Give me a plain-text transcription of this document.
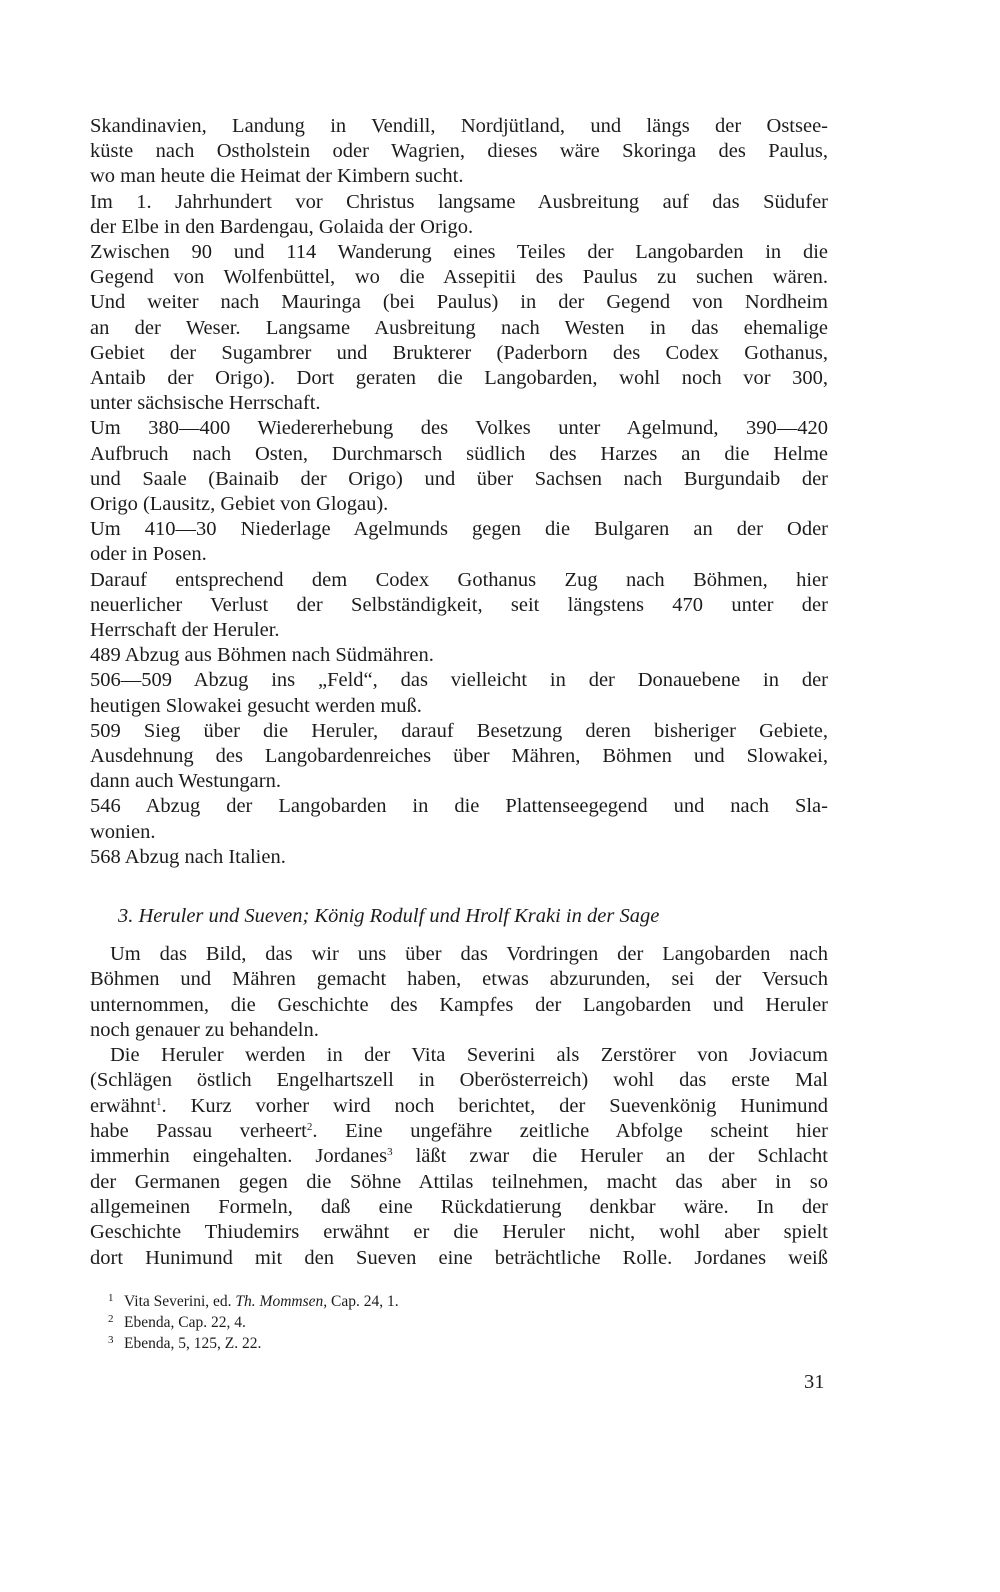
Skandinavien, Landung in Vendill, Nordjütland, und längs der Ostsee-
küste nach Ostholstein oder Wagrien, dieses wäre Skoringa des Paulus,
wo man heute die Heimat der Kimbern sucht.
Im 1. Jahrhundert vor Christus langsame Ausbreitung auf das Südufer
der Elbe in den Bardengau, Golaida der Origo.
Zwischen 90 und 114 Wanderung eines Teiles der Langobarden in die
Gegend von Wolfenbüttel, wo die Assepitii des Paulus zu suchen wären.
Und weiter nach Mauringa (bei Paulus) in der Gegend von Nordheim
an der Weser. Langsame Ausbreitung nach Westen in das ehemalige
Gebiet der Sugambrer und Brukterer (Paderborn des Codex Gothanus,
Antaib der Origo). Dort geraten die Langobarden, wohl noch vor 300,
unter sächsische Herrschaft.
Um 380—400 Wiedererhebung des Volkes unter Agelmund, 390—420
Aufbruch nach Osten, Durchmarsch südlich des Harzes an die Helme
und Saale (Bainaib der Origo) und über Sachsen nach Burgundaib der
Origo (Lausitz, Gebiet von Glogau).
Um 410—30 Niederlage Agelmunds gegen die Bulgaren an der Oder
oder in Posen.
Darauf entsprechend dem Codex Gothanus Zug nach Böhmen, hier
neuerlicher Verlust der Selbständigkeit, seit längstens 470 unter der
Herrschaft der Heruler.
489 Abzug aus Böhmen nach Südmähren.
506—509 Abzug ins „Feld“, das vielleicht in der Donauebene in der
heutigen Slowakei gesucht werden muß.
509 Sieg über die Heruler, darauf Besetzung deren bisheriger Gebiete,
Ausdehnung des Langobardenreiches über Mähren, Böhmen und Slowakei,
dann auch Westungarn.
546 Abzug der Langobarden in die Plattenseegegend und nach Sla-
wonien.
568 Abzug nach Italien.
3. Heruler und Sueven; König Rodulf und Hrolf Kraki in der Sage
Um das Bild, das wir uns über das Vordringen der Langobarden nach
Böhmen und Mähren gemacht haben, etwas abzurunden, sei der Versuch
unternommen, die Geschichte des Kampfes der Langobarden und Heruler
noch genauer zu behandeln.
Die Heruler werden in der Vita Severini als Zerstörer von Joviacum
(Schlägen östlich Engelhartszell in Oberösterreich) wohl das erste Mal
erwähnt$^1$. Kurz vorher wird noch berichtet, der Suevenkönig Hunimund
habe Passau verheert$^2$. Eine ungefähre zeitliche Abfolge scheint hier
immerhin eingehalten. Jordanes$^3$ läßt zwar die Heruler an der Schlacht
der Germanen gegen die Söhne Attilas teilnehmen, macht das aber in so
allgemeinen Formeln, daß eine Rückdatierung denkbar wäre. In der
Geschichte Thiudemirs erwähnt er die Heruler nicht, wohl aber spielt
dort Hunimund mit den Sueven eine beträchtliche Rolle. Jordanes weiß
1 Vita Severini, ed. Th. Mommsen, Cap. 24, 1.
2 Ebenda, Cap. 22, 4.
3 Ebenda, 5, 125, Z. 22.
31
